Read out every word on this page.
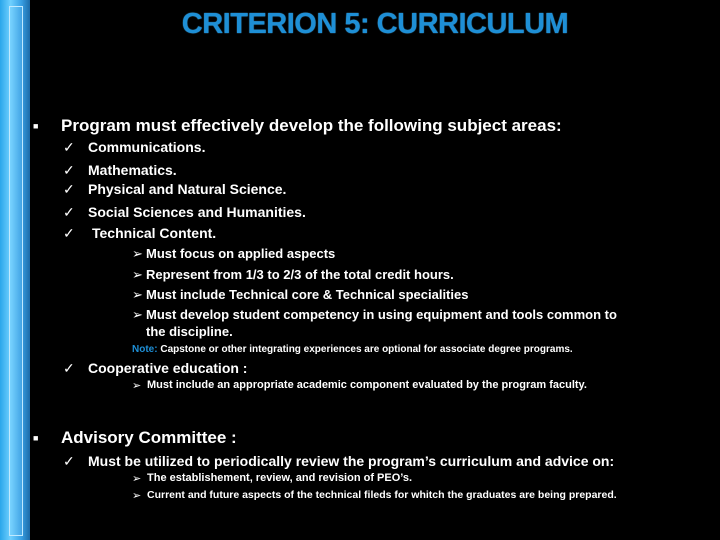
CRITERION 5: CURRICULUM
■ Program must effectively develop the following subject areas:
✓ Communications.
✓ Mathematics.
✓ Physical and Natural Science.
✓ Social Sciences and Humanities.
✓ Technical Content.
➢ Must focus on applied aspects
➢ Represent from 1/3 to 2/3 of the total credit hours.
➢ Must include Technical core & Technical specialities
➢ Must develop student competency in using equipment and tools common to
the discipline.
Note: Capstone or other integrating experiences are optional for associate degree programs.
✓ Cooperative education :
➢ Must include an appropriate academic component evaluated by the program faculty.
■ Advisory Committee :
✓ Must be utilized to periodically review the program’s curriculum and advice on:
➢ The establishement, review, and revision of PEO’s.
➢ Current and future aspects of the technical fileds for whitch the graduates are being prepared.
